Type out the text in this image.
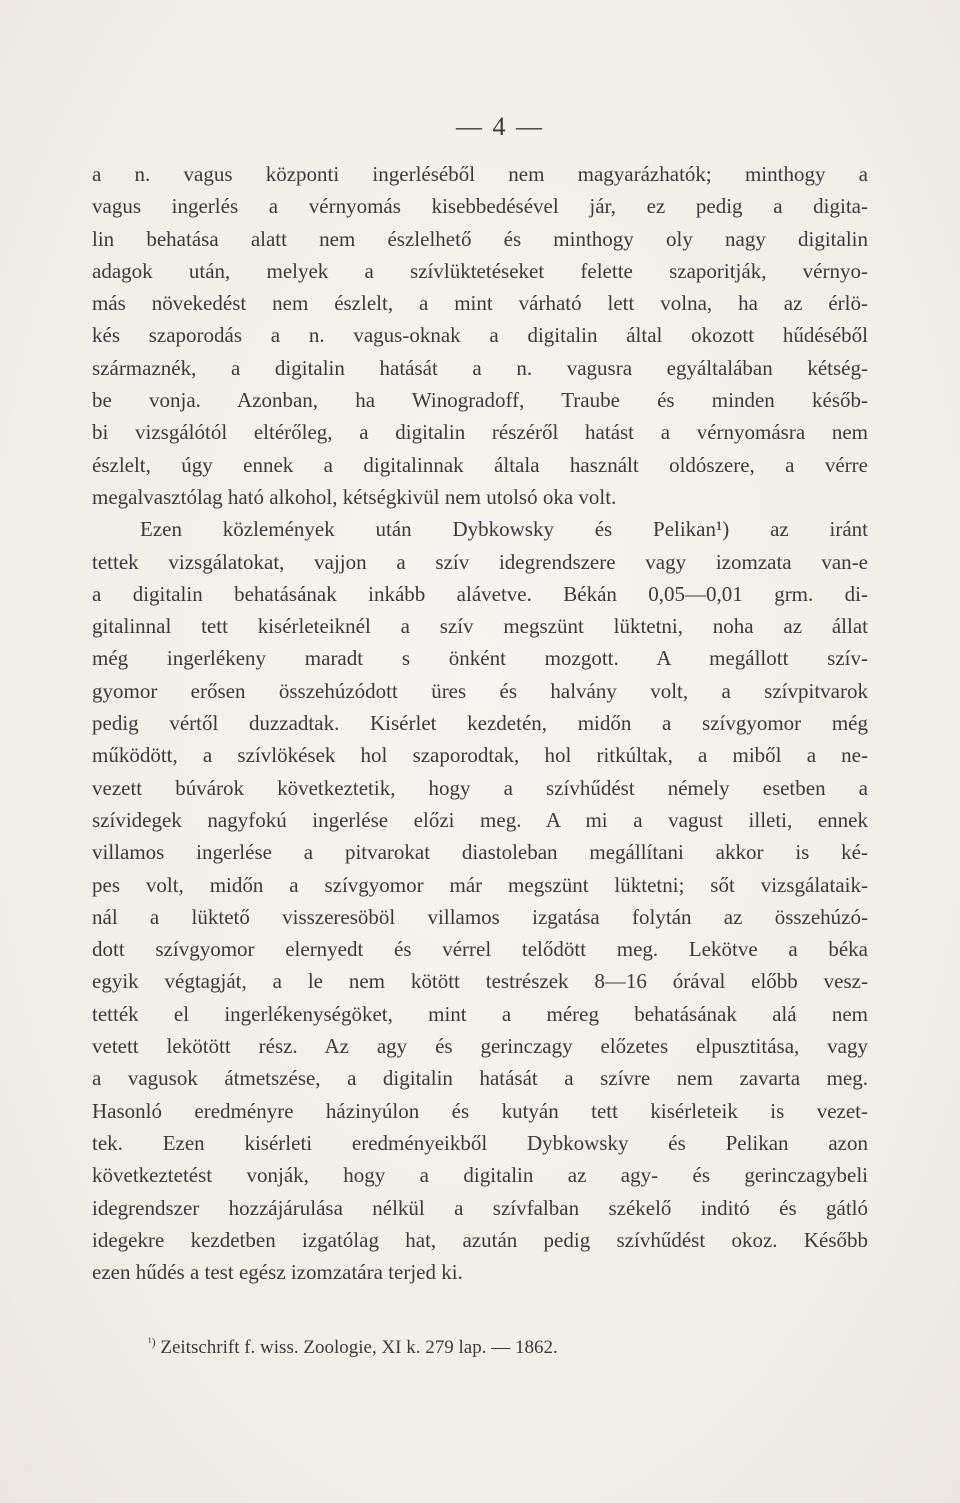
— 4 —
a n. vagus központi ingerléséből nem magyarázhatók; minthogy a
vagus ingerlés a vérnyomás kisebbedésével jár, ez pedig a digita-
lin behatása alatt nem észlelhető és minthogy oly nagy digitalin
adagok után, melyek a szívlüktetéseket felette szaporitják, vérnyo-
más növekedést nem észlelt, a mint várható lett volna, ha az érlö-
kés szaporodás a n. vagus-oknak a digitalin által okozott hűdéséből
származnék, a digitalin hatását a n. vagusra egyáltalában kétség-
be vonja. Azonban, ha Winogradoff, Traube és minden későb-
bi vizsgálótól eltérőleg, a digitalin részéről hatást a vérnyomásra nem
észlelt, úgy ennek a digitalinnak általa használt oldószere, a vérre
megalvasztólag ható alkohol, kétségkivül nem utolsó oka volt.
Ezen közlemények után Dybkowsky és Pelikan¹) az iránt
tettek vizsgálatokat, vajjon a szív idegrendszere vagy izomzata van-e
a digitalin behatásának inkább alávetve. Békán 0,05—0,01 grm. di-
gitalinnal tett kisérleteiknél a szív megszünt lüktetni, noha az állat
még ingerlékeny maradt s önként mozgott. A megállott szív-
gyomor erősen összehúzódott üres és halvány volt, a szívpitvarok
pedig vértől duzzadtak. Kisérlet kezdetén, midőn a szívgyomor még
működött, a szívlökések hol szaporodtak, hol ritkúltak, a miből a ne-
vezett búvárok következtetik, hogy a szívhűdést némely esetben a
szívidegek nagyfokú ingerlése előzi meg. A mi a vagust illeti, ennek
villamos ingerlése a pitvarokat diastoleban megállítani akkor is ké-
pes volt, midőn a szívgyomor már megszünt lüktetni; sőt vizsgálataik-
nál a lüktető visszeresöböl villamos izgatása folytán az összehúzó-
dott szívgyomor elernyedt és vérrel telődött meg. Lekötve a béka
egyik végtagját, a le nem kötött testrészek 8—16 órával előbb vesz-
tették el ingerlékenységöket, mint a méreg behatásának alá nem
vetett lekötött rész. Az agy és gerinczagy előzetes elpusztitása, vagy
a vagusok átmetszése, a digitalin hatását a szívre nem zavarta meg.
Hasonló eredményre házinyúlon és kutyán tett kisérleteik is vezet-
tek. Ezen kisérleti eredményeikből Dybkowsky és Pelikan azon
következtetést vonják, hogy a digitalin az agy- és gerinczagybeli
idegrendszer hozzájárulása nélkül a szívfalban székelő inditó és gátló
idegekre kezdetben izgatólag hat, azután pedig szívhűdést okoz. Később
ezen hűdés a test egész izomzatára terjed ki.
$^{^1)}$ Zeitschrift f. wiss. Zoologie, XI k. 279 lap. — 1862.
